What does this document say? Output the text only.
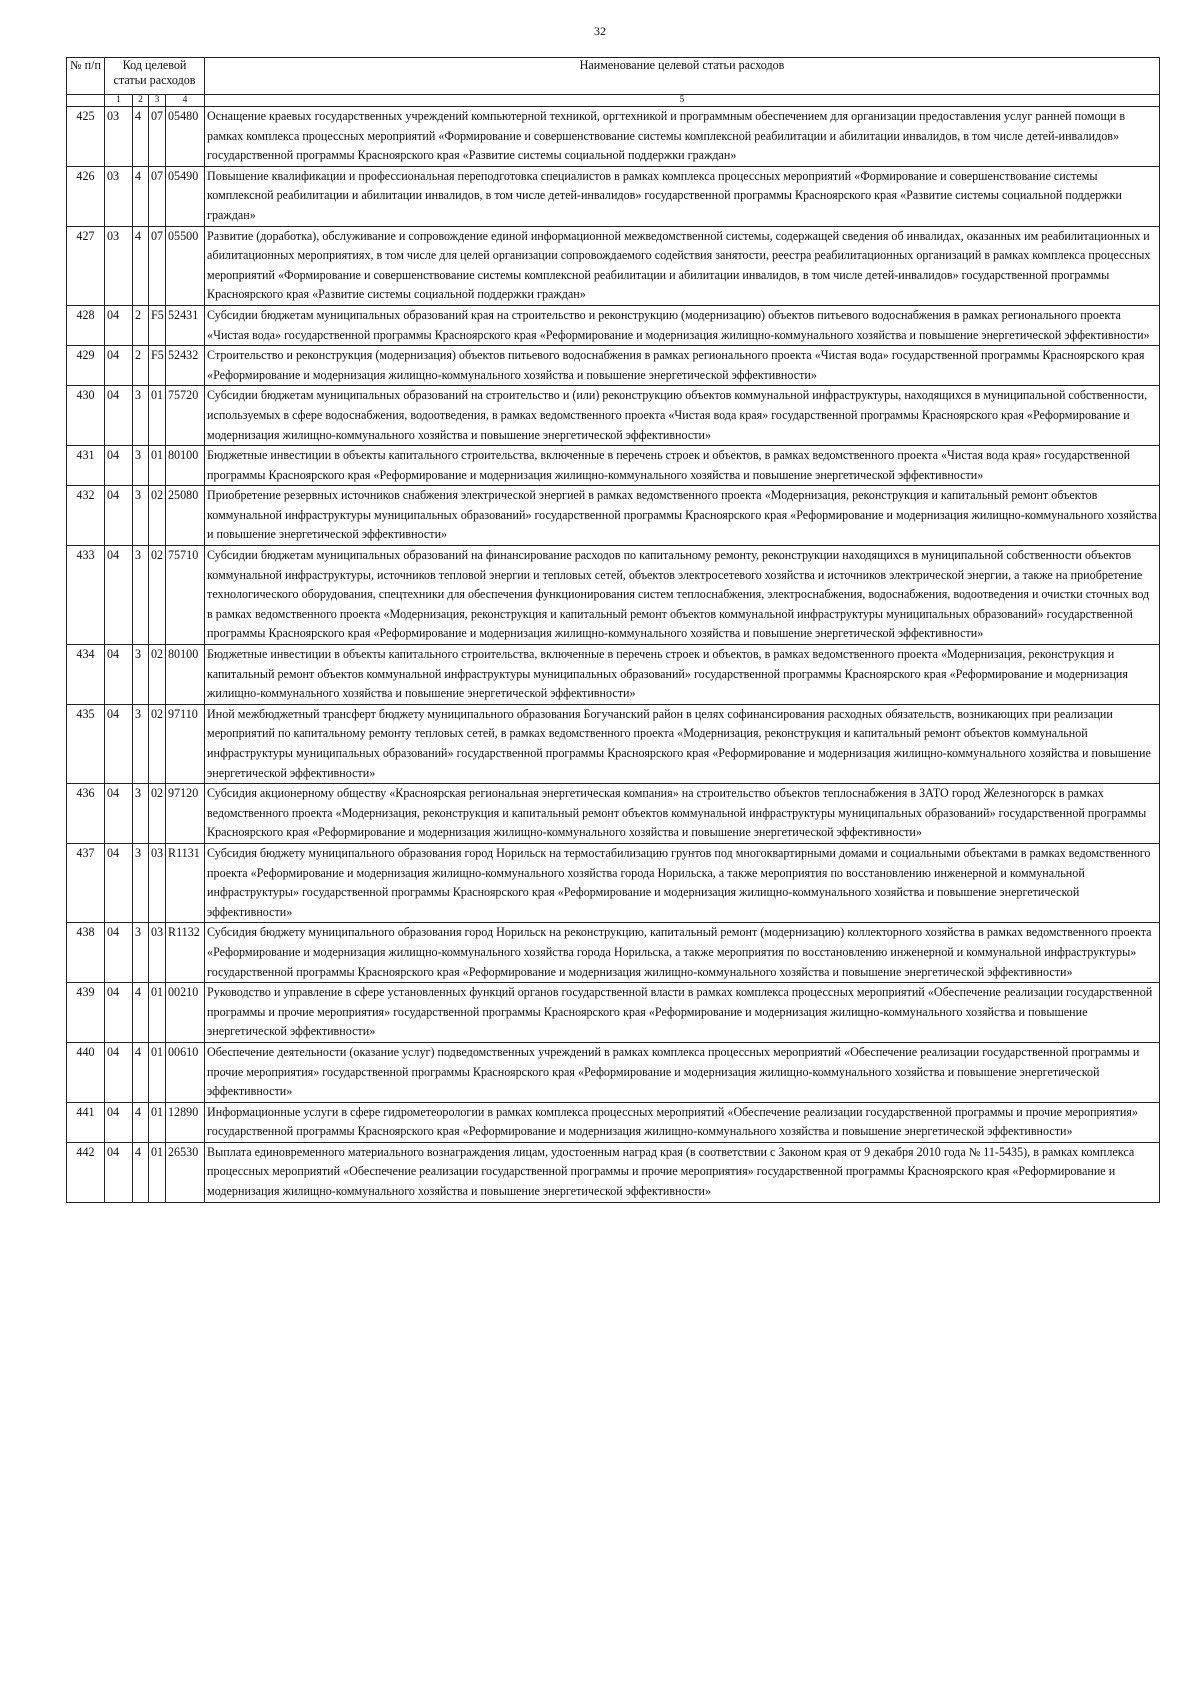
32
№ п/п	Код целевой статьи расходов				Наименование целевой статьи расходов
	1	2	3	4	5
425	03	4	07	05480	Оснащение краевых государственных учреждений компьютерной техникой, оргтехникой и программным обеспечением для организации предоставления услуг ранней помощи в рамках комплекса процессных мероприятий «Формирование и совершенствование системы комплексной реабилитации и абилитации инвалидов, в том числе детей-инвалидов» государственной программы Красноярского края «Развитие системы социальной поддержки граждан»
426	03	4	07	05490	Повышение квалификации и профессиональная переподготовка специалистов в рамках комплекса процессных мероприятий «Формирование и совершенствование системы комплексной реабилитации и абилитации инвалидов, в том числе детей-инвалидов» государственной программы Красноярского края «Развитие системы социальной поддержки граждан»
427	03	4	07	05500	Развитие (доработка), обслуживание и сопровождение единой информационной межведомственной системы, содержащей сведения об инвалидах, оказанных им реабилитационных и абилитационных мероприятиях, в том числе для целей организации сопровождаемого содействия занятости, реестра реабилитационных организаций в рамках комплекса процессных мероприятий «Формирование и совершенствование системы комплексной реабилитации и абилитации инвалидов, в том числе детей-инвалидов» государственной программы Красноярского края «Развитие системы социальной поддержки граждан»
428	04	2	F5	52431	Субсидии бюджетам муниципальных образований края на строительство и реконструкцию (модернизацию) объектов питьевого водоснабжения в рамках регионального проекта «Чистая вода» государственной программы Красноярского края «Реформирование и модернизация жилищно-коммунального хозяйства и повышение энергетической эффективности»
429	04	2	F5	52432	Строительство и реконструкция (модернизация) объектов питьевого водоснабжения в рамках регионального проекта «Чистая вода» государственной программы Красноярского края «Реформирование и модернизация жилищно-коммунального хозяйства и повышение энергетической эффективности»
430	04	3	01	75720	Субсидии бюджетам муниципальных образований на строительство и (или) реконструкцию объектов коммунальной инфраструктуры, находящихся в муниципальной собственности, используемых в сфере водоснабжения, водоотведения, в рамках ведомственного проекта «Чистая вода края» государственной программы Красноярского края «Реформирование и модернизация жилищно-коммунального хозяйства и повышение энергетической эффективности»
431	04	3	01	80100	Бюджетные инвестиции в объекты капитального строительства, включенные в перечень строек и объектов, в рамках ведомственного проекта «Чистая вода края» государственной программы Красноярского края «Реформирование и модернизация жилищно-коммунального хозяйства и повышение энергетической эффективности»
432	04	3	02	25080	Приобретение резервных источников снабжения электрической энергией в рамках ведомственного проекта «Модернизация, реконструкция и капитальный ремонт объектов коммунальной инфраструктуры муниципальных образований» государственной программы Красноярского края «Реформирование и модернизация жилищно-коммунального хозяйства и повышение энергетической эффективности»
433	04	3	02	75710	Субсидии бюджетам муниципальных образований на финансирование расходов по капитальному ремонту, реконструкции находящихся в муниципальной собственности объектов коммунальной инфраструктуры, источников тепловой энергии и тепловых сетей, объектов электросетевого хозяйства и источников электрической энергии, а также на приобретение технологического оборудования, спецтехники для обеспечения функционирования систем теплоснабжения, электроснабжения, водоснабжения, водоотведения и очистки сточных вод в рамках ведомственного проекта «Модернизация, реконструкция и капитальный ремонт объектов коммунальной инфраструктуры муниципальных образований» государственной программы Красноярского края «Реформирование и модернизация жилищно-коммунального хозяйства и повышение энергетической эффективности»
434	04	3	02	80100	Бюджетные инвестиции в объекты капитального строительства, включенные в перечень строек и объектов, в рамках ведомственного проекта «Модернизация, реконструкция и капитальный ремонт объектов коммунальной инфраструктуры муниципальных образований» государственной программы Красноярского края «Реформирование и модернизация жилищно-коммунального хозяйства и повышение энергетической эффективности»
435	04	3	02	97110	Иной межбюджетный трансферт бюджету муниципального образования Богучанский район в целях софинансирования расходных обязательств, возникающих при реализации мероприятий по капитальному ремонту тепловых сетей, в рамках ведомственного проекта «Модернизация, реконструкция и капитальный ремонт объектов коммунальной инфраструктуры муниципальных образований» государственной программы Красноярского края «Реформирование и модернизация жилищно-коммунального хозяйства и повышение энергетической эффективности»
436	04	3	02	97120	Субсидия акционерному обществу «Красноярская региональная энергетическая компания» на строительство объектов теплоснабжения в ЗАТО город Железногорск в рамках ведомственного проекта «Модернизация, реконструкция и капитальный ремонт объектов коммунальной инфраструктуры муниципальных образований» государственной программы Красноярского края «Реформирование и модернизация жилищно-коммунального хозяйства и повышение энергетической эффективности»
437	04	3	03	R1131	Субсидия бюджету муниципального образования город Норильск на термостабилизацию грунтов под многоквартирными домами и социальными объектами в рамках ведомственного проекта «Реформирование и модернизация жилищно-коммунального хозяйства города Норильска, а также мероприятия по восстановлению инженерной и коммунальной инфраструктуры» государственной программы Красноярского края «Реформирование и модернизация жилищно-коммунального хозяйства и повышение энергетической эффективности»
438	04	3	03	R1132	Субсидия бюджету муниципального образования город Норильск на реконструкцию, капитальный ремонт (модернизацию) коллекторного хозяйства в рамках ведомственного проекта «Реформирование и модернизация жилищно-коммунального хозяйства города Норильска, а также мероприятия по восстановлению инженерной и коммунальной инфраструктуры» государственной программы Красноярского края «Реформирование и модернизация жилищно-коммунального хозяйства и повышение энергетической эффективности»
439	04	4	01	00210	Руководство и управление в сфере установленных функций органов государственной власти в рамках комплекса процессных мероприятий «Обеспечение реализации государственной программы и прочие мероприятия» государственной программы Красноярского края «Реформирование и модернизация жилищно-коммунального хозяйства и повышение энергетической эффективности»
440	04	4	01	00610	Обеспечение деятельности (оказание услуг) подведомственных учреждений в рамках комплекса процессных мероприятий «Обеспечение реализации государственной программы и прочие мероприятия» государственной программы Красноярского края «Реформирование и модернизация жилищно-коммунального хозяйства и повышение энергетической эффективности»
441	04	4	01	12890	Информационные услуги в сфере гидрометеорологии в рамках комплекса процессных мероприятий «Обеспечение реализации государственной программы и прочие мероприятия» государственной программы Красноярского края «Реформирование и модернизация жилищно-коммунального хозяйства и повышение энергетической эффективности»
442	04	4	01	26530	Выплата единовременного материального вознаграждения лицам, удостоенным наград края (в соответствии с Законом края от 9 декабря 2010 года № 11-5435), в рамках комплекса процессных мероприятий «Обеспечение реализации государственной программы и прочие мероприятия» государственной программы Красноярского края «Реформирование и модернизация жилищно-коммунального хозяйства и повышение энергетической эффективности»
